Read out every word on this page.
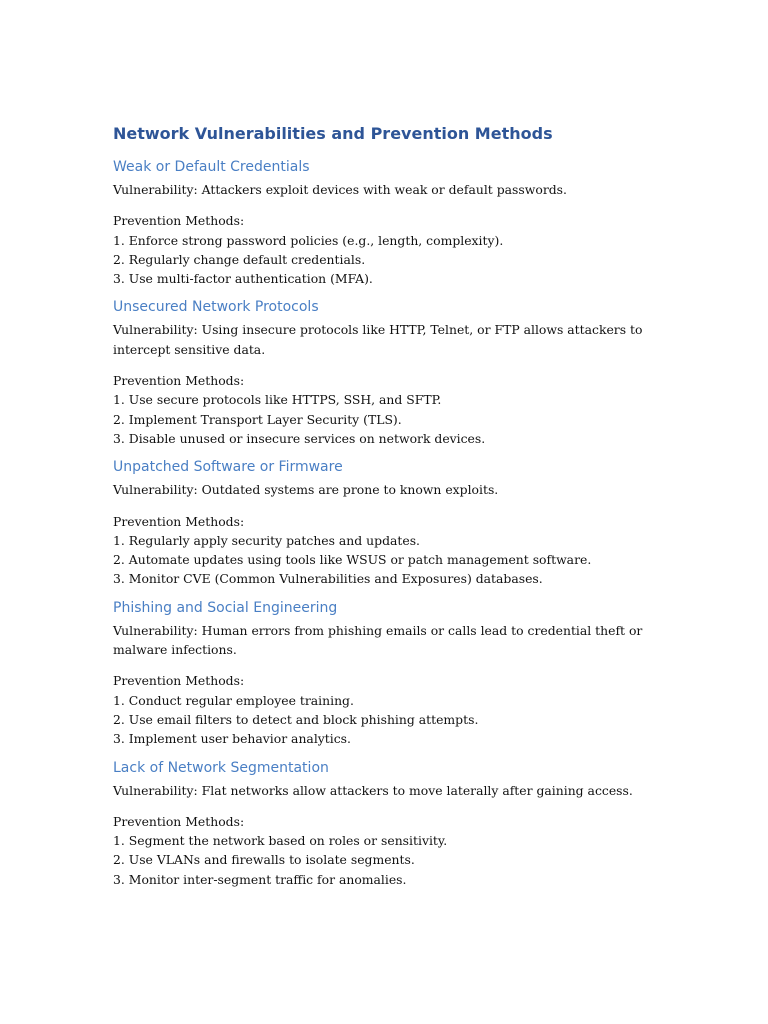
Network Vulnerabilities and Prevention Methods
Weak or Default Credentials

Vulnerability: Attackers exploit devices with weak or default passwords.

Prevention Methods:
1. Enforce strong password policies (e.g., length, complexity).
2. Regularly change default credentials.
3. Use multi-factor authentication (MFA).
Unsecured Network Protocols

Vulnerability: Using insecure protocols like HTTP, Telnet, or FTP allows attackers to intercept sensitive data.

Prevention Methods:
1. Use secure protocols like HTTPS, SSH, and SFTP.
2. Implement Transport Layer Security (TLS).
3. Disable unused or insecure services on network devices.
Unpatched Software or Firmware

Vulnerability: Outdated systems are prone to known exploits.

Prevention Methods:
1. Regularly apply security patches and updates.
2. Automate updates using tools like WSUS or patch management software.
3. Monitor CVE (Common Vulnerabilities and Exposures) databases.
Phishing and Social Engineering

Vulnerability: Human errors from phishing emails or calls lead to credential theft or malware infections.

Prevention Methods:
1. Conduct regular employee training.
2. Use email filters to detect and block phishing attempts.
3. Implement user behavior analytics.
Lack of Network Segmentation

Vulnerability: Flat networks allow attackers to move laterally after gaining access.

Prevention Methods:
1. Segment the network based on roles or sensitivity.
2. Use VLANs and firewalls to isolate segments.
3. Monitor inter-segment traffic for anomalies.
